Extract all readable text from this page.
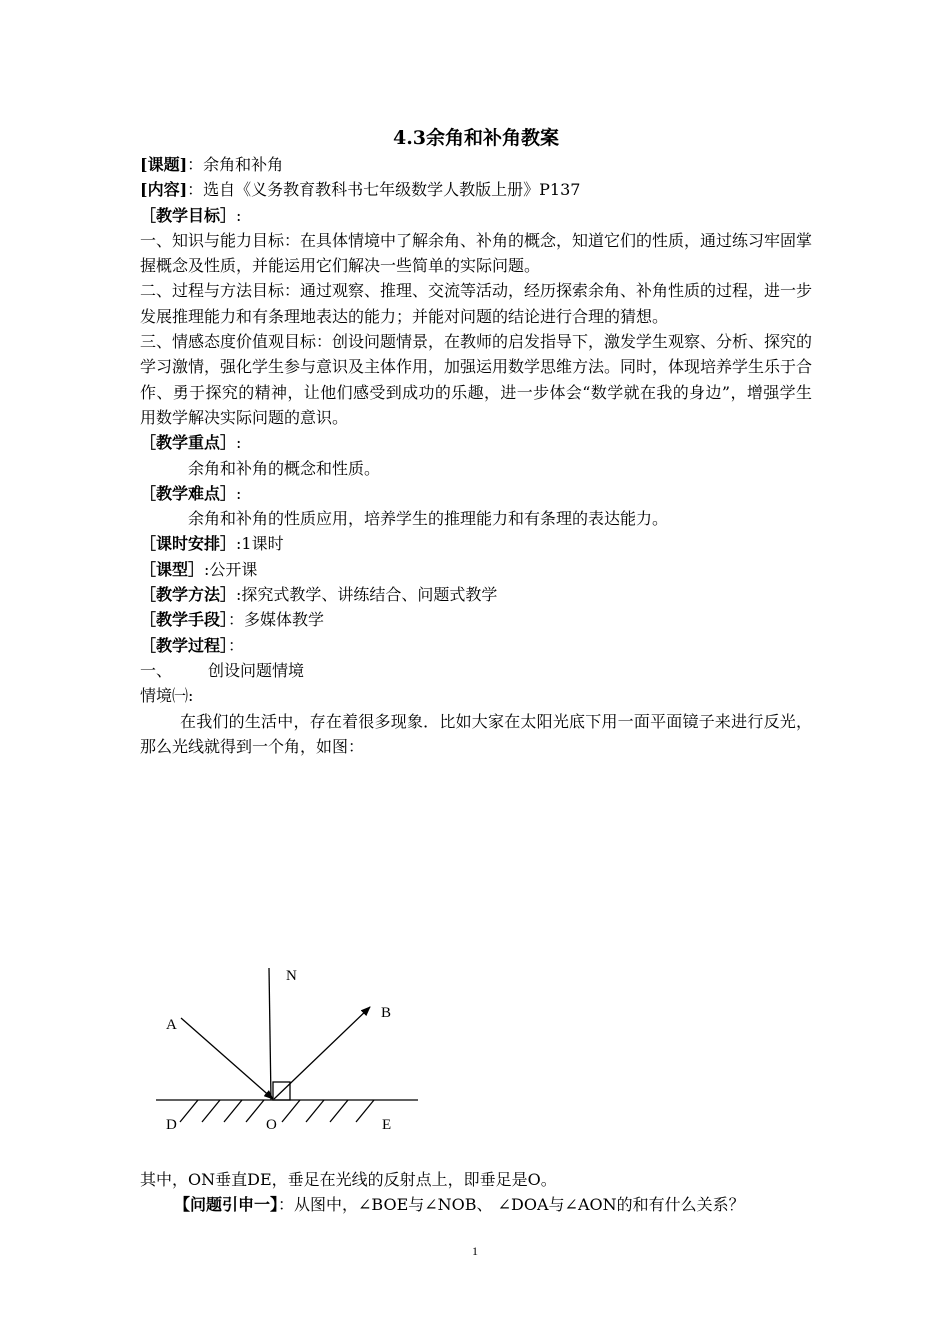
4.3余角和补角教案

[课题]：余角和补角

[内容]：选自《义务教育教科书七年级数学人教版上册》P137

［教学目标］:

一、知识与能力目标：在具体情境中了解余角、补角的概念，知道它们的性质，通过练习牢固掌握概念及性质，并能运用它们解决一些简单的实际问题。

二、过程与方法目标：通过观察、推理、交流等活动，经历探索余角、补角性质的过程，进一步发展推理能力和有条理地表达的能力；并能对问题的结论进行合理的猜想。

三、情感态度价值观目标：创设问题情景，在教师的启发指导下，激发学生观察、分析、探究的学习激情，强化学生参与意识及主体作用，加强运用数学思维方法。同时，体现培养学生乐于合作、勇于探究的精神，让他们感受到成功的乐趣，进一步体会“数学就在我的身边”，增强学生用数学解决实际问题的意识。

［教学重点］:

余角和补角的概念和性质。

［教学难点］:

余角和补角的性质应用，培养学生的推理能力和有条理的表达能力。

［课时安排］:1课时

［课型］:公开课

［教学方法］:探究式教学、讲练结合、问题式教学

［教学手段］：多媒体教学

［教学过程］：

一、 创设问题情境

情境㈠:

在我们的生活中，存在着很多现象．比如大家在太阳光底下用一面平面镜子来进行反光，那么光线就得到一个角，如图：

N
A
B
D	O	E

其中，ON垂直DE，垂足在光线的反射点上，即垂足是O。

【问题引申一】：从图中，∠BOE与∠NOB、 ∠DOA与∠AON的和有什么关系？

1
